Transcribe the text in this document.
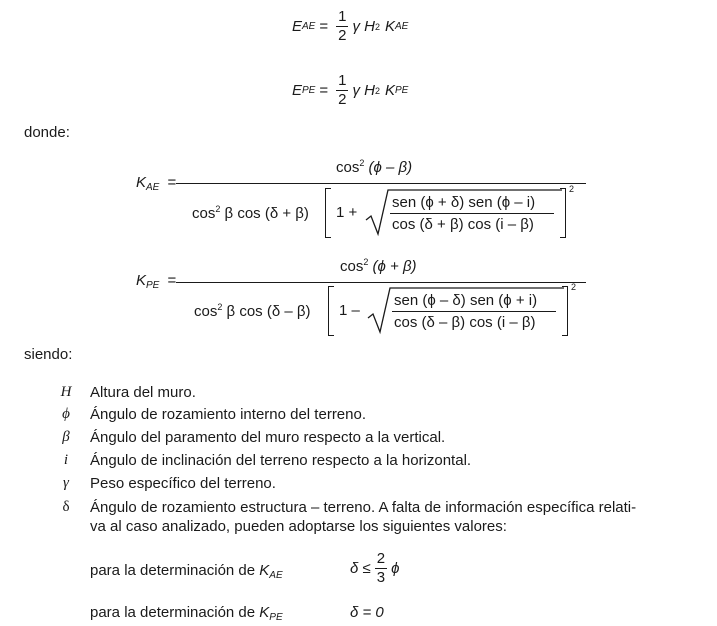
E AE = $\frac{1}{2}$ γ H 2 K AE
E PE = $\frac{1}{2}$ γ H 2 K PE
donde:
$K_{AE}$ =
$\cos^2 (\phi - \beta)$
$\cos^2 \beta$ cos (δ + β) 1 +
sen (ϕ + δ) sen (ϕ – i)
cos (δ + β) cos (i – β)
2
$K_{PE}$ =
$\cos^2 (\phi + \beta)$
$\cos^2 \beta$ cos (δ – β) 1 –
sen (ϕ – δ) sen (ϕ + i)
cos (δ – β) cos (i – β)
2
siendo:
H	Altura del muro.
ϕ	Ángulo de rozamiento interno del terreno.
β	Ángulo del paramento del muro respecto a la vertical.
i	Ángulo de inclinación del terreno respecto a la horizontal.
γ	Peso específico del terreno.
δ	Ángulo de rozamiento estructura – terreno. A falta de información específica relati-
va al caso analizado, pueden adoptarse los siguientes valores:
para la determinación de $K_{AE}$	$\delta \le \frac{2}{3}$ ϕ
para la determinación de $K_{PE}$	δ = 0
